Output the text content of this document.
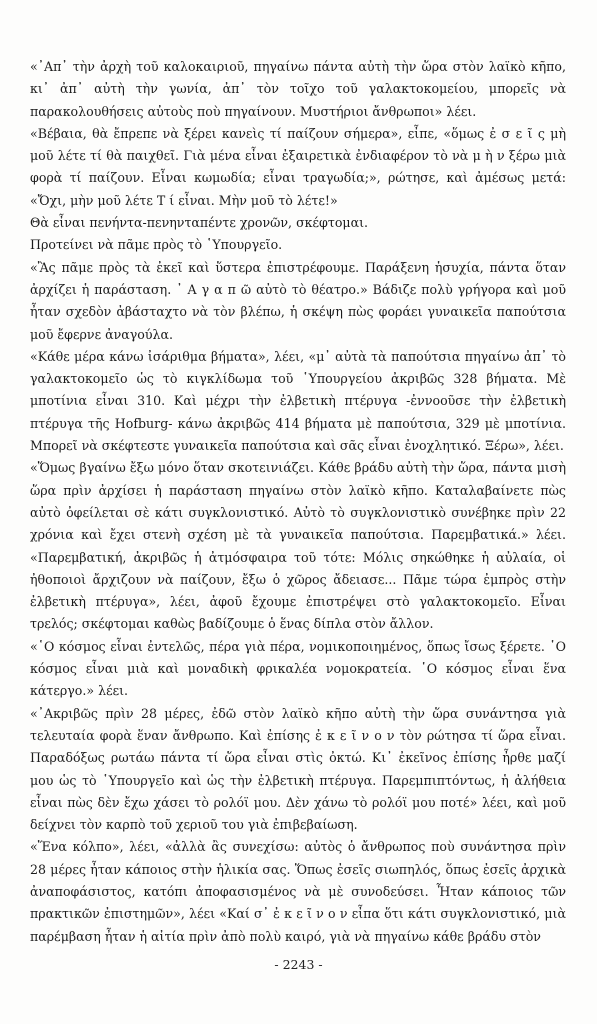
«᾿Απ᾿ τὴν ἀρχὴ τοῦ καλοκαιριοῦ, πηγαίνω πάντα αὐτὴ τὴν ὥρα στὸν λαϊκὸ κῆπο, κι᾿ ἀπ᾿ αὐτὴ τὴν γωνία, ἀπ᾿ τὸν τοῖχο τοῦ γαλακτοκομείου, μπορεῖς νὰ παρακολουθήσεις αὐτοὺς ποὺ πηγαίνουν. Μυστήριοι ἄνθρωποι» λέει.

«Βέβαια, θὰ ἔπρεπε νὰ ξέρει κανεὶς τί παίζουν σήμερα», εἶπε, «ὅμως ἐ σ ε ῖ ς μὴ μοῦ λέτε τί θὰ παιχθεῖ. Γιὰ μένα εἶναι ἐξαιρετικὰ ἐνδιαφέρον τὸ νὰ μ ὴ ν ξέρω μιὰ φορὰ τί παίζουν. Εἶναι κωμωδία; εἶναι τραγωδία;», ρώτησε, καὶ ἀμέσως μετά: «Ὄχι, μὴν μοῦ λέτε Τ ί εἶναι. Μὴν μοῦ τὸ λέτε!»

Θὰ εἶναι πενήντα-πενηνταπέντε χρονῶν, σκέφτομαι.

Προτείνει νὰ πᾶμε πρὸς τὸ ῾Υπουργεῖο.

«Ἂς πᾶμε πρὸς τὰ ἐκεῖ καὶ ὕστερα ἐπιστρέφουμε. Παράξενη ἡσυχία, πάντα ὅταν ἀρχίζει ἡ παράσταση. ᾿ Α γ α π ῶ αὐτὸ τὸ θέατρο.» Βάδιζε πολὺ γρήγορα καὶ μοῦ ἦταν σχεδὸν ἀβάσταχτο νὰ τὸν βλέπω, ἡ σκέψη πὼς φοράει γυναικεῖα παπούτσια μοῦ ἔφερνε ἀναγούλα.

«Κάθε μέρα κάνω ἰσάριθμα βήματα», λέει, «μ᾿ αὐτὰ τὰ παπούτσια πηγαίνω ἀπ᾿ τὸ γαλακτοκομεῖο ὡς τὸ κιγκλίδωμα τοῦ ῾Υπουργείου ἀκριβῶς 328 βήματα. Μὲ μποτίνια εἶναι 310. Καὶ μέχρι τὴν ἐλβετικὴ πτέρυγα -ἐννοοῦσε τὴν ἐλβετικὴ πτέρυγα τῆς Hofburg- κάνω ἀκριβῶς 414 βήματα μὲ παπούτσια, 329 μὲ μποτίνια. Μπορεῖ νὰ σκέφτεστε γυναικεῖα παπούτσια καὶ σᾶς εἶναι ἐνοχλητικό. Ξέρω», λέει.

«Ὅμως βγαίνω ἔξω μόνο ὅταν σκοτεινιάζει. Κάθε βράδυ αὐτὴ τὴν ὥρα, πάντα μισὴ ὥρα πρὶν ἀρχίσει ἡ παράσταση πηγαίνω στὸν λαϊκὸ κῆπο. Καταλαβαίνετε πὼς αὐτὸ ὀφείλεται σὲ κάτι συγκλονιστικό. Αὐτὸ τὸ συγκλονιστικὸ συνέβηκε πρὶν 22 χρόνια καὶ ἔχει στενὴ σχέση μὲ τὰ γυναικεῖα παπούτσια. Παρεμβατικά.» λέει. «Παρεμβατική, ἀκριβῶς ἡ ἀτμόσφαιρα τοῦ τότε: Μόλις σηκώθηκε ἡ αὐλαία, οἱ ἠθοποιοὶ ἄρχιζουν νὰ παίζουν, ἔξω ὁ χῶρος ἄδειασε... Πᾶμε τώρα ἐμπρὸς στὴν ἐλβετικὴ πτέρυγα», λέει, ἀφοῦ ἔχουμε ἐπιστρέψει στὸ γαλακτοκομεῖο. Εἶναι τρελός; σκέφτομαι καθὼς βαδίζουμε ὁ ἕνας δίπλα στὸν ἄλλον.

«῾Ο κόσμος εἶναι ἐντελῶς, πέρα γιὰ πέρα, νομικοποιημένος, ὅπως ἴσως ξέρετε. ῾Ο κόσμος εἶναι μιὰ καὶ μοναδικὴ φρικαλέα νομοκρατεία. ῾Ο κόσμος εἶναι ἕνα κάτεργο.» λέει.

«᾿Ακριβῶς πρὶν 28 μέρες, ἐδῶ στὸν λαϊκὸ κῆπο αὐτὴ τὴν ὥρα συνάντησα γιὰ τελευταία φορὰ ἕναν ἄνθρωπο. Καὶ ἐπίσης ἐ κ ε ῖ ν ο ν τὸν ρώτησα τί ὥρα εἶναι. Παραδόξως ρωτάω πάντα τί ὥρα εἶναι στὶς ὀκτώ. Κι᾿ ἐκεῖνος ἐπίσης ἦρθε μαζί μου ὡς τὸ ῾Υπουργεῖο καὶ ὡς τὴν ἐλβετικὴ πτέρυγα. Παρεμπιπτόντως, ἡ ἀλήθεια εἶναι πὼς δὲν ἔχω χάσει τὸ ρολόϊ μου. Δὲν χάνω τὸ ρολόϊ μου ποτέ» λέει, καὶ μοῦ δείχνει τὸν καρπὸ τοῦ χεριοῦ του γιὰ ἐπιβεβαίωση.

«Ἕνα κόλπο», λέει, «ἀλλὰ ἂς συνεχίσω: αὐτὸς ὁ ἄνθρωπος ποὺ συνάντησα πρὶν 28 μέρες ἦταν κάποιος στὴν ἡλικία σας. Ὅπως ἐσεῖς σιωπηλός, ὅπως ἐσεῖς ἀρχικὰ ἀναποφάσιστος, κατόπι ἀποφασισμένος νὰ μὲ συνοδεύσει. Ἦταν κάποιος τῶν πρακτικῶν ἐπιστημῶν», λέει «Καί σ᾿ ἐ κ ε ῖ ν ο ν εἶπα ὅτι κάτι συγκλονιστικό, μιὰ παρέμβαση ἦταν ἡ αἰτία πρὶν ἀπὸ πολὺ καιρό, γιὰ νὰ πηγαίνω κάθε βράδυ στὸν

- 2243 -
